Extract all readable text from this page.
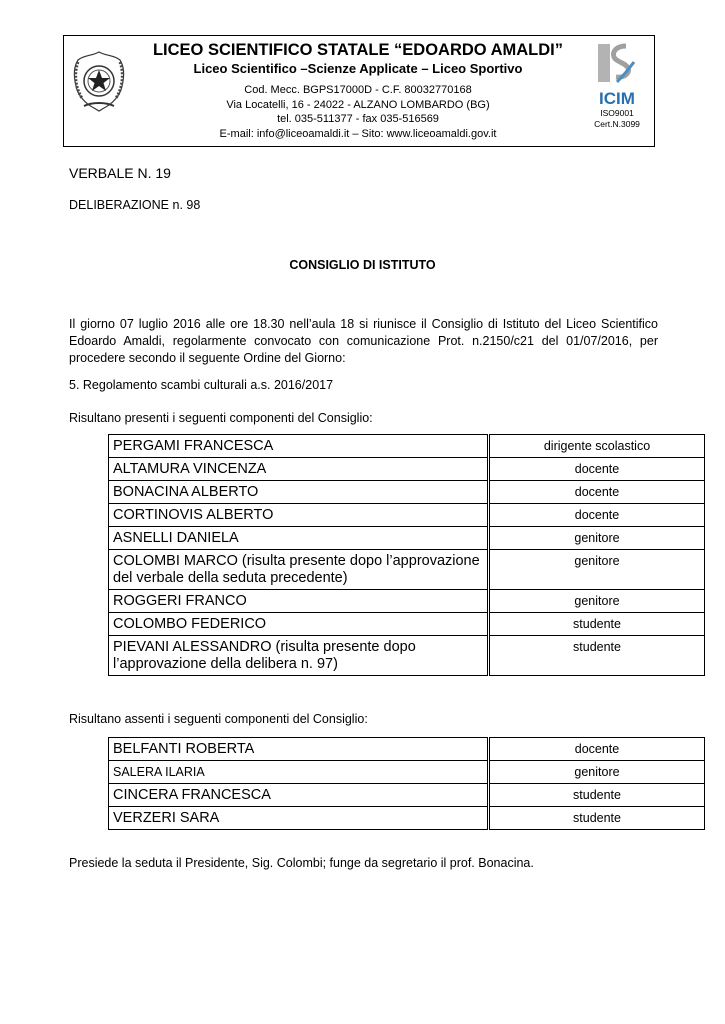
LICEO SCIENTIFICO STATALE “EDOARDO AMALDI”
Liceo Scientifico –Scienze Applicate – Liceo Sportivo
Cod. Mecc. BGPS17000D - C.F. 80032770168
Via Locatelli, 16 - 24022 - ALZANO LOMBARDO (BG)
tel. 035-511377 - fax 035-516569
E-mail: info@liceoamaldi.it – Sito: www.liceoamaldi.gov.it
ICIM
ISO9001
Cert.N.3099
VERBALE N. 19
DELIBERAZIONE n. 98
CONSIGLIO DI ISTITUTO
Il giorno 07 luglio 2016 alle ore 18.30 nell’aula 18 si riunisce il Consiglio di Istituto del Liceo Scientifico Edoardo Amaldi, regolarmente convocato con comunicazione Prot. n.2150/c21 del 01/07/2016, per procedere secondo il seguente Ordine del Giorno:
5. Regolamento scambi culturali a.s. 2016/2017
Risultano presenti i seguenti componenti del Consiglio:
PERGAMI FRANCESCA	dirigente scolastico
ALTAMURA VINCENZA	docente
BONACINA ALBERTO	docente
CORTINOVIS ALBERTO	docente
ASNELLI DANIELA	genitore
COLOMBI MARCO (risulta presente dopo l’approvazione del verbale della seduta precedente)	genitore
ROGGERI FRANCO	genitore
COLOMBO FEDERICO	studente
PIEVANI ALESSANDRO (risulta presente dopo l’approvazione della delibera n. 97)	studente
Risultano assenti i seguenti componenti del Consiglio:
BELFANTI ROBERTA	docente
SALERA ILARIA	genitore
CINCERA FRANCESCA	studente
VERZERI SARA	studente
Presiede la seduta il Presidente, Sig. Colombi; funge da segretario il prof. Bonacina.
